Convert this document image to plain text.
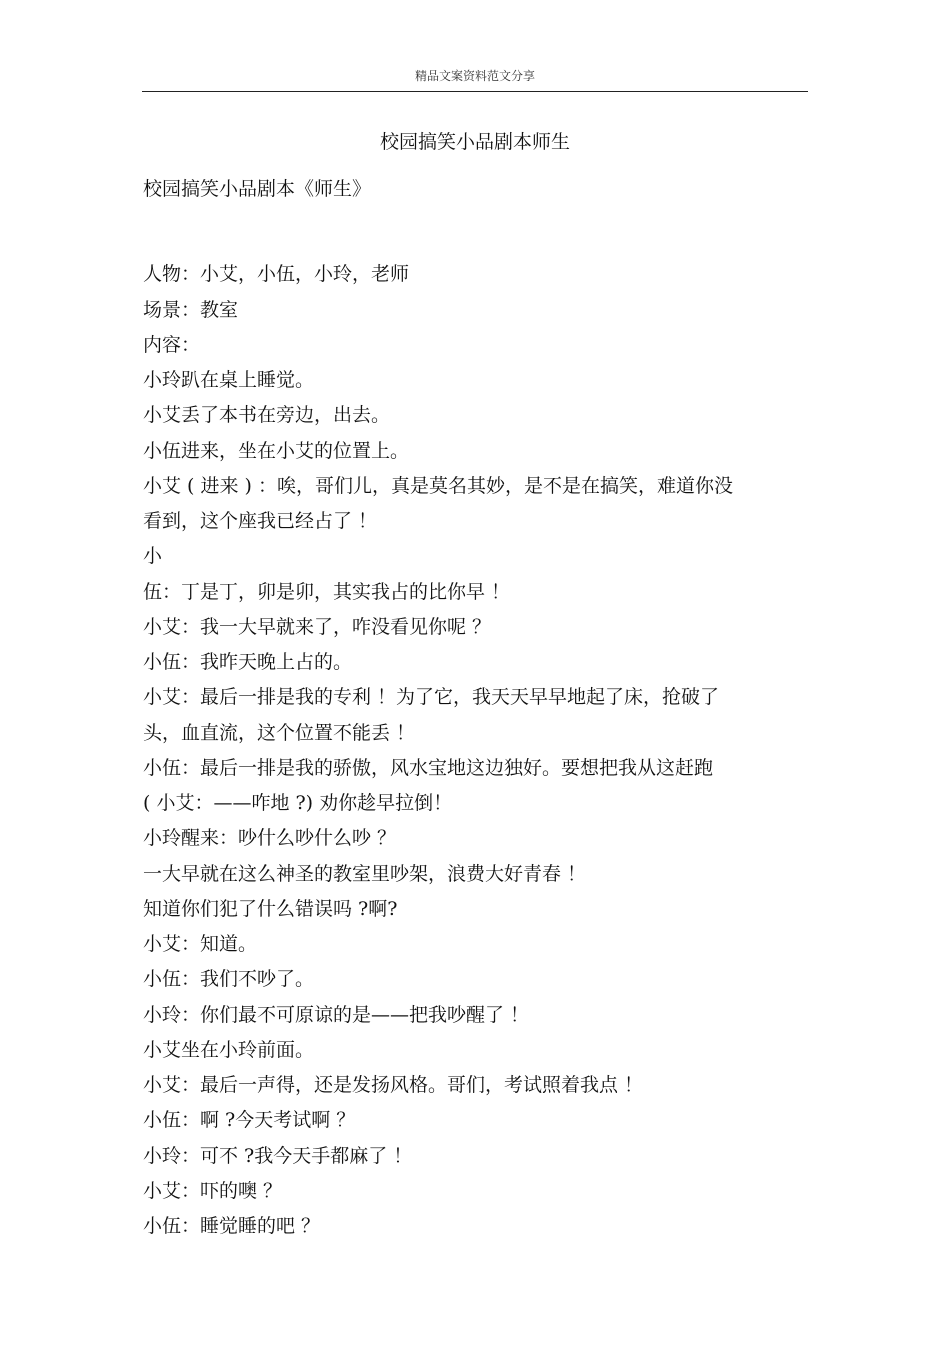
精品文案资料范文分享
校园搞笑小品剧本师生
校园搞笑小品剧本《师生》
人物：小艾，小伍，小玲，老师
场景：教室
内容：
小玲趴在桌上睡觉。
小艾丢了本书在旁边，出去。
小伍进来，坐在小艾的位置上。
小艾 ( 进来 ) ：唉，哥们儿，真是莫名其妙，是不是在搞笑，难道你没
看到，这个座我已经占了 ！
小
伍：丁是丁，卯是卯，其实我占的比你早 ！
小艾：我一大早就来了，咋没看见你呢 ？
小伍：我昨天晚上占的。
小艾：最后一排是我的专利 ！为了它，我天天早早地起了床，抢破了
头，血直流，这个位置不能丢 ！
小伍：最后一排是我的骄傲，风水宝地这边独好。要想把我从这赶跑
( 小艾：——咋地 ?) 劝你趁早拉倒！
小玲醒来：吵什么吵什么吵 ？
一大早就在这么神圣的教室里吵架，浪费大好青春 ！
知道你们犯了什么错误吗 ?啊?
小艾：知道。
小伍：我们不吵了。
小玲：你们最不可原谅的是——把我吵醒了 ！
小艾坐在小玲前面。
小艾：最后一声得，还是发扬风格。哥们，考试照着我点 ！
小伍：啊 ?今天考试啊 ？
小玲：可不 ?我今天手都麻了 ！
小艾：吓的噢 ？
小伍：睡觉睡的吧 ？
